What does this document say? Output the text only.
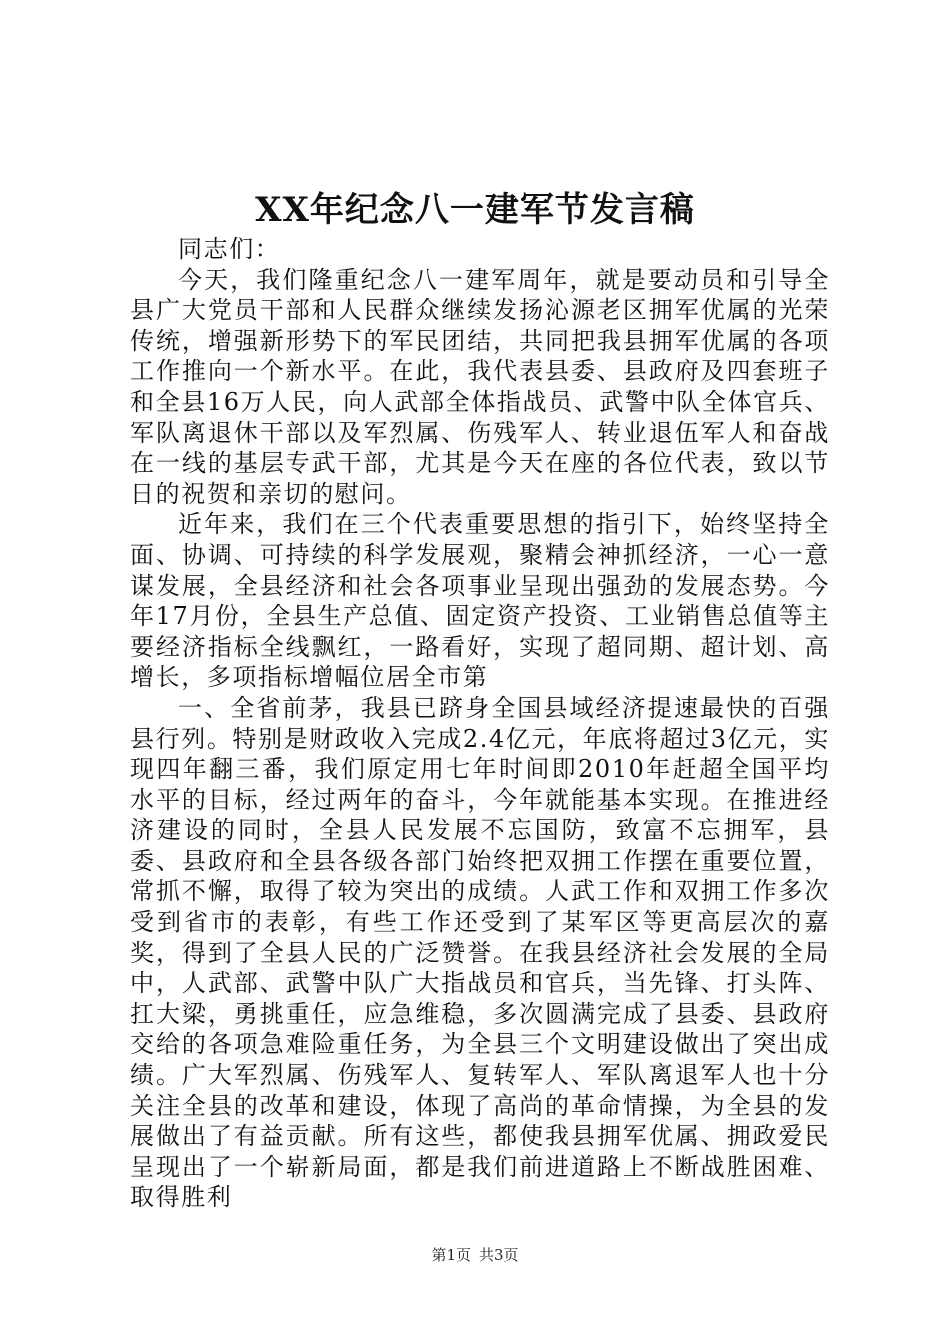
XX年纪念八一建军节发言稿

同志们：

今天，我们隆重纪念八一建军周年，就是要动员和引导全县广大党员干部和人民群众继续发扬沁源老区拥军优属的光荣传统，增强新形势下的军民团结，共同把我县拥军优属的各项工作推向一个新水平。在此，我代表县委、县政府及四套班子和全县16万人民，向人武部全体指战员、武警中队全体官兵、军队离退休干部以及军烈属、伤残军人、转业退伍军人和奋战在一线的基层专武干部，尤其是今天在座的各位代表，致以节日的祝贺和亲切的慰问。

近年来，我们在三个代表重要思想的指引下，始终坚持全面、协调、可持续的科学发展观，聚精会神抓经济，一心一意谋发展，全县经济和社会各项事业呈现出强劲的发展态势。今年17月份，全县生产总值、固定资产投资、工业销售总值等主要经济指标全线飘红，一路看好，实现了超同期、超计划、高增长，多项指标增幅位居全市第

一、全省前茅，我县已跻身全国县域经济提速最快的百强县行列。特别是财政收入完成2.4亿元，年底将超过3亿元，实现四年翻三番，我们原定用七年时间即2010年赶超全国平均水平的目标，经过两年的奋斗，今年就能基本实现。在推进经济建设的同时，全县人民发展不忘国防，致富不忘拥军，县委、县政府和全县各级各部门始终把双拥工作摆在重要位置，常抓不懈，取得了较为突出的成绩。人武工作和双拥工作多次受到省市的表彰，有些工作还受到了某军区等更高层次的嘉奖，得到了全县人民的广泛赞誉。在我县经济社会发展的全局中，人武部、武警中队广大指战员和官兵，当先锋、打头阵、扛大梁，勇挑重任，应急维稳，多次圆满完成了县委、县政府交给的各项急难险重任务，为全县三个文明建设做出了突出成绩。广大军烈属、伤残军人、复转军人、军队离退军人也十分关注全县的改革和建设，体现了高尚的革命情操，为全县的发展做出了有益贡献。所有这些，都使我县拥军优属、拥政爱民呈现出了一个崭新局面，都是我们前进道路上不断战胜困难、取得胜利

第1页 共3页
